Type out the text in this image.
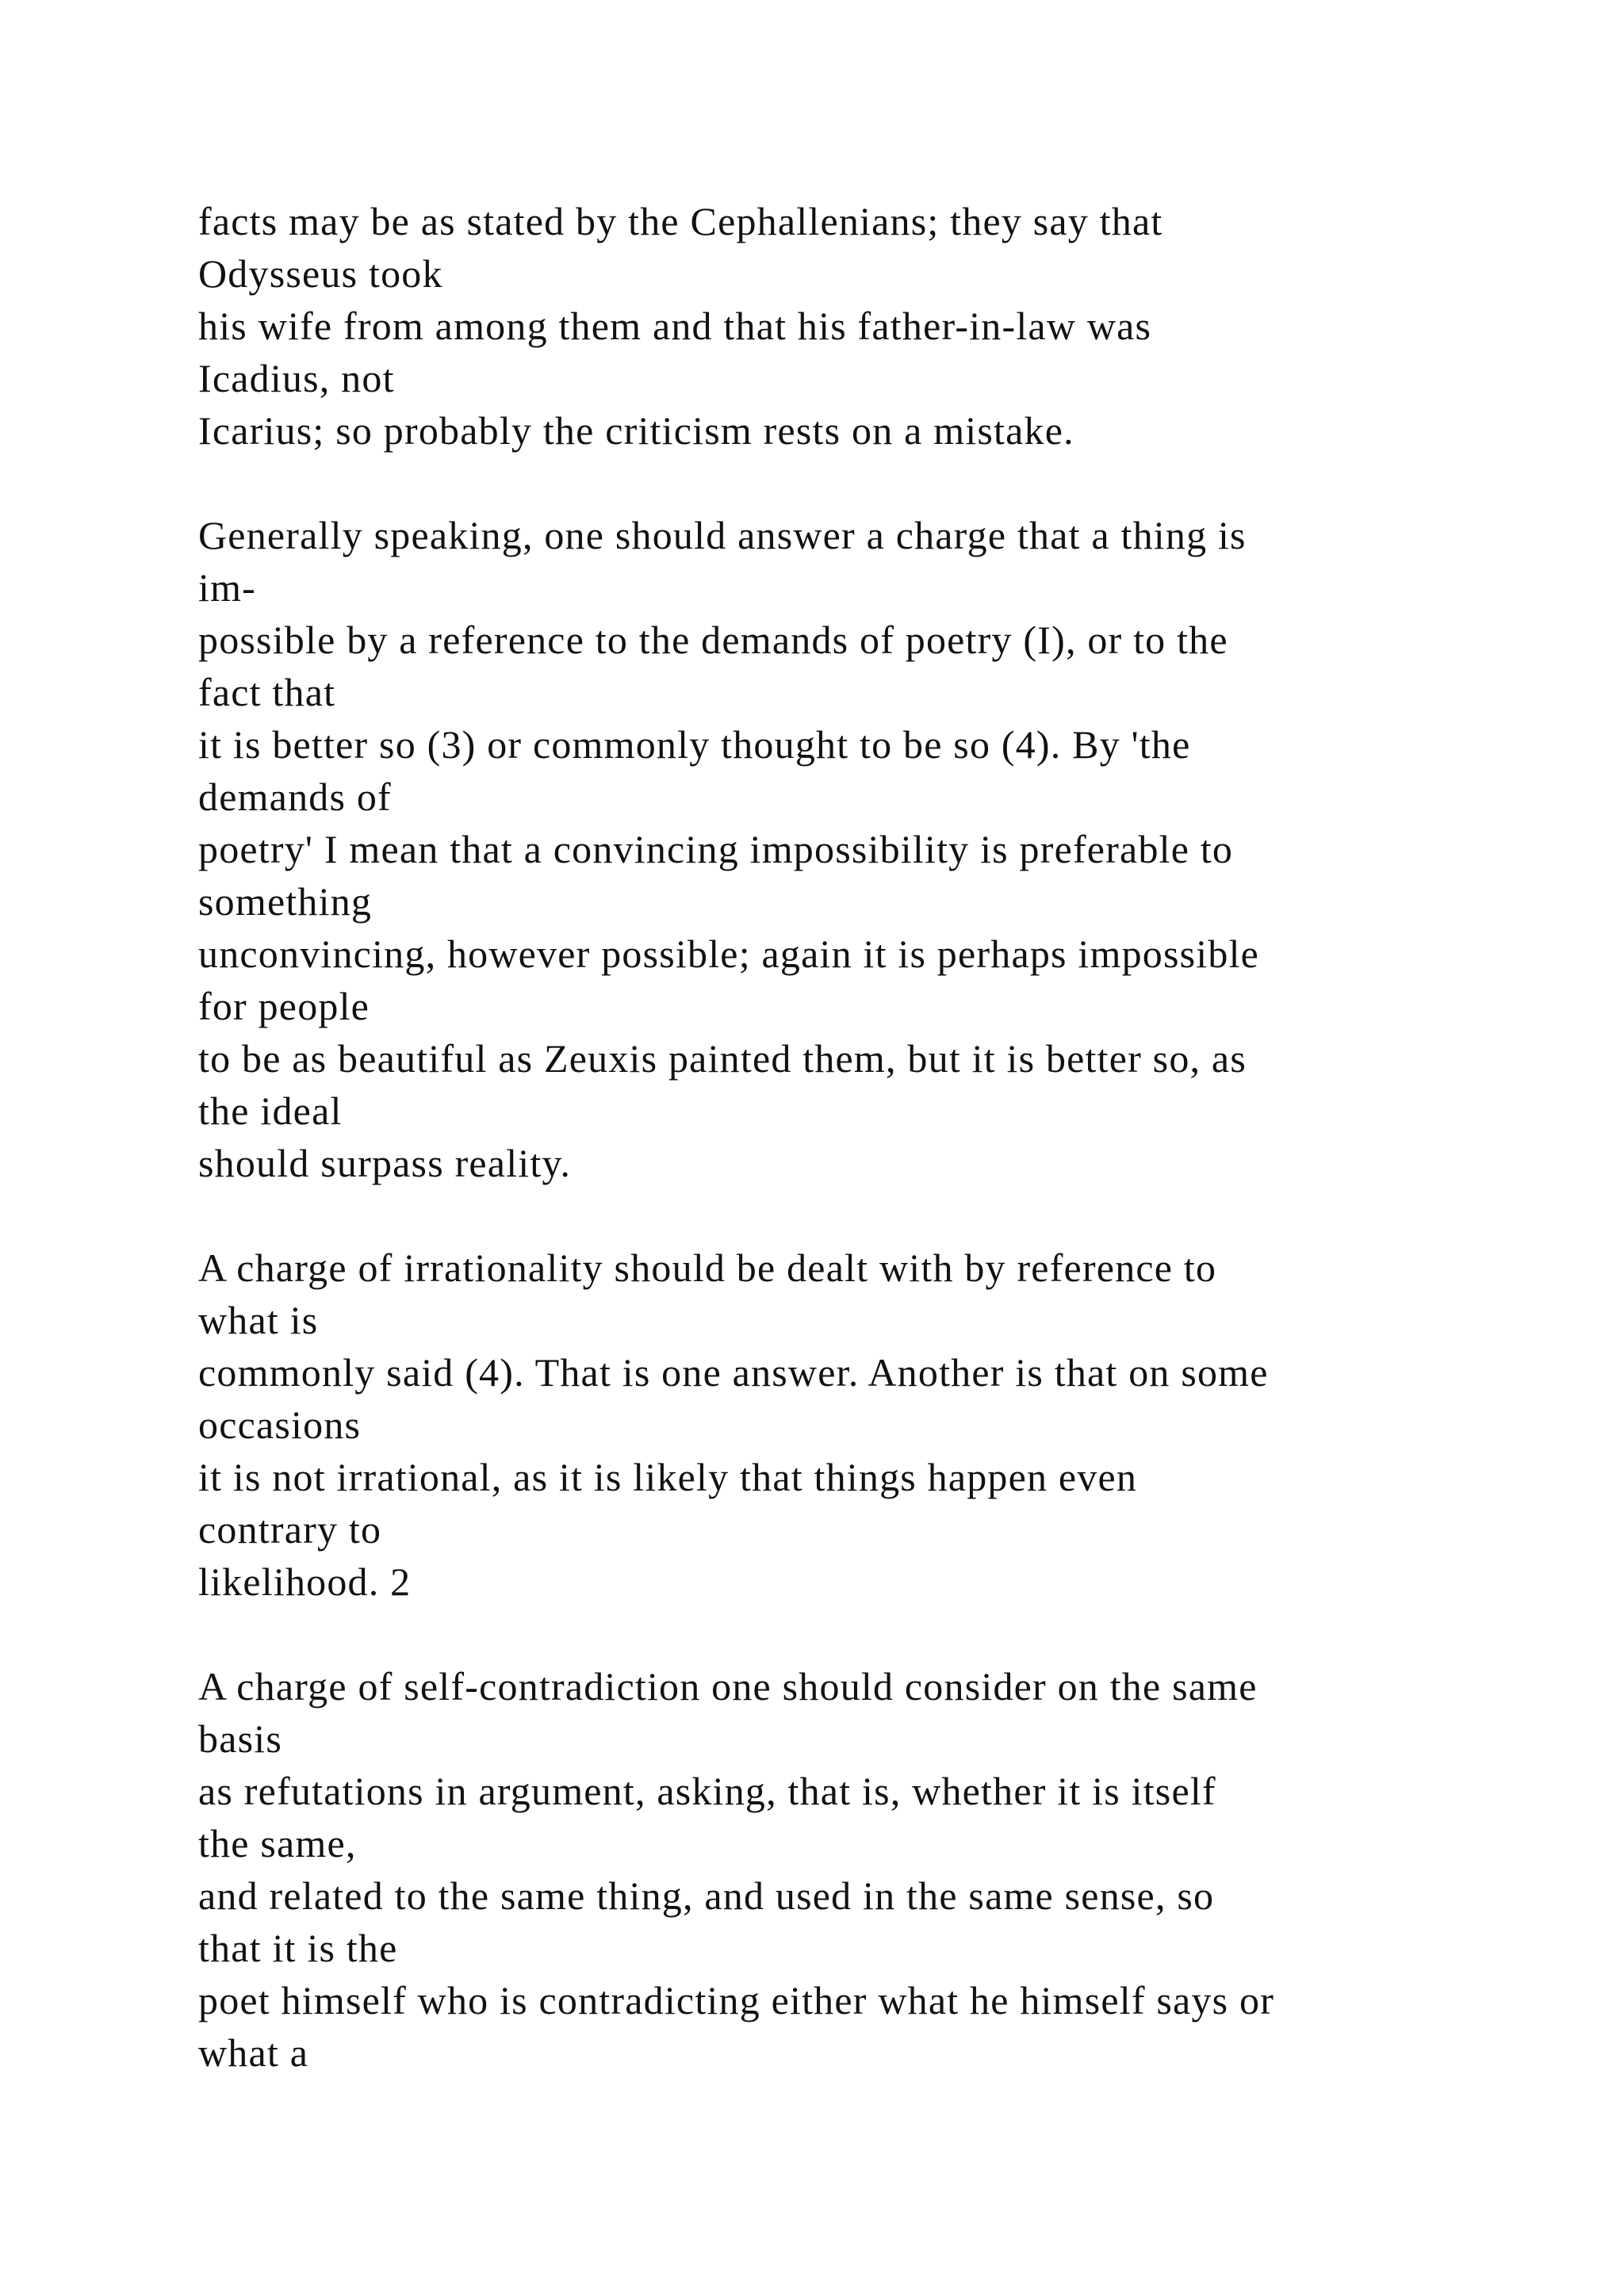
facts may be as stated by the Cephallenians; they say that
Odysseus took
his wife from among them and that his father-in-law was
Icadius, not
Icarius; so probably the criticism rests on a mistake.
Generally speaking, one should answer a charge that a thing is
im-
possible by a reference to the demands of poetry (I), or to the
fact that
it is better so (3) or commonly thought to be so (4). By 'the
demands of
poetry' I mean that a convincing impossibility is preferable to
something
unconvincing, however possible; again it is perhaps impossible
for people
to be as beautiful as Zeuxis painted them, but it is better so, as
the ideal
should surpass reality.
A charge of irrationality should be dealt with by reference to
what is
commonly said (4). That is one answer. Another is that on some
occasions
it is not irrational, as it is likely that things happen even
contrary to
likelihood. 2
A charge of self-contradiction one should consider on the same
basis
as refutations in argument, asking, that is, whether it is itself
the same,
and related to the same thing, and used in the same sense, so
that it is the
poet himself who is contradicting either what he himself says or
what a
